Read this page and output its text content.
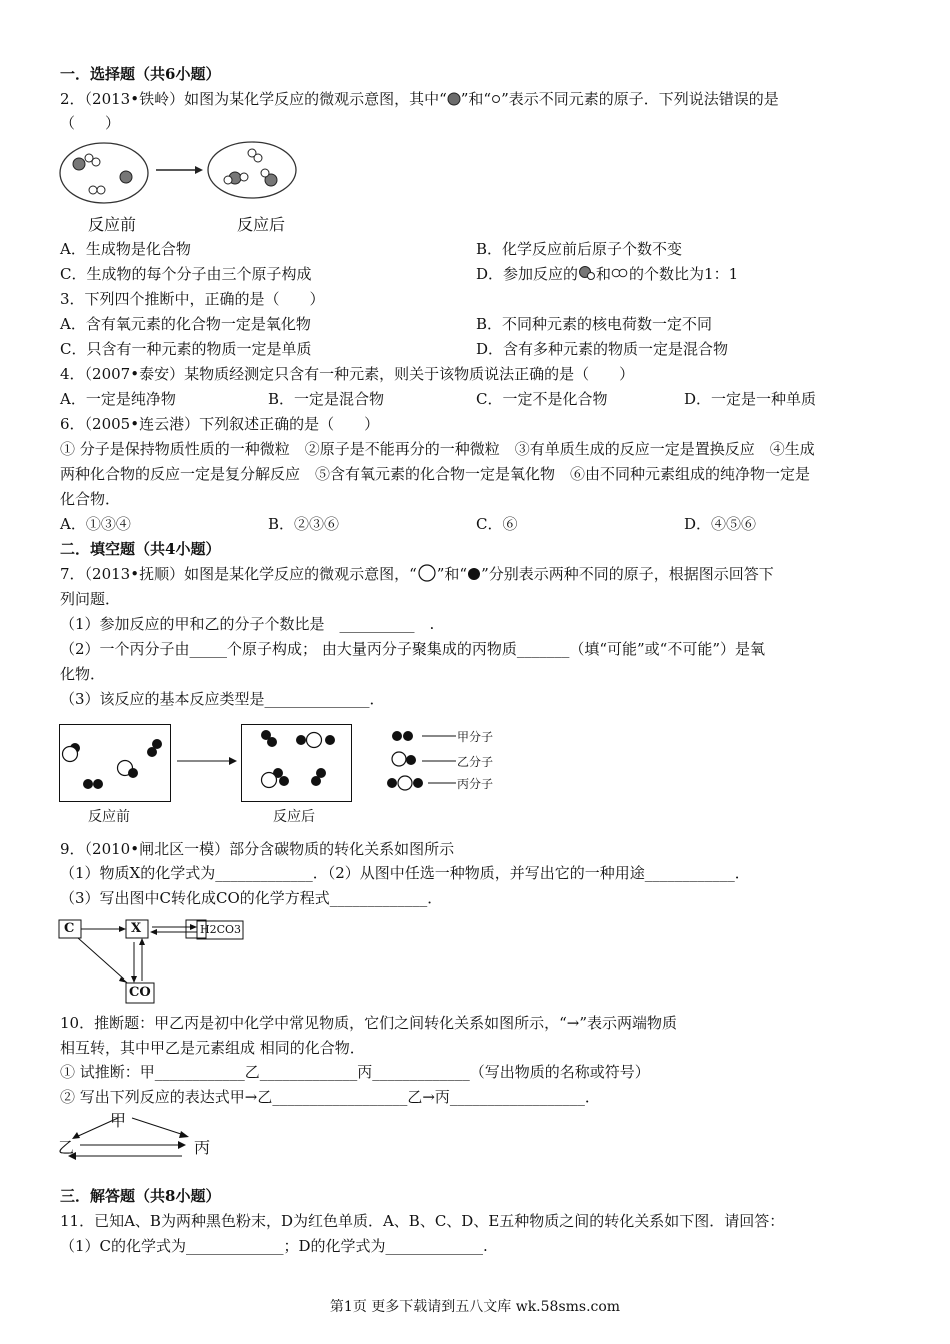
一．选择题（共6小题）
2．（2013•铁岭）如图为某化学反应的微观示意图，其中“ ”和“ ”表示不同元素的原子．下列说法错误的是
（　　）
反应前	反应后
A．生成物是化合物	B．化学反应前后原子个数不变
C．生成物的每个分子由三个原子构成	D．参加反应的 和 的个数比为1：1
3．下列四个推断中，正确的是（　　）
A．含有氧元素的化合物一定是氧化物	B．不同种元素的核电荷数一定不同
C．只含有一种元素的物质一定是单质	D．含有多种元素的物质一定是混合物
4．（2007•泰安）某物质经测定只含有一种元素，则关于该物质说法正确的是（　　）
A．一定是纯净物	B．一定是混合物	C．一定不是化合物	D．一定是一种单质
6．（2005•连云港）下列叙述正确的是（　　）
① 分子是保持物质性质的一种微粒　②原子是不能再分的一种微粒　③有单质生成的反应一定是置换反应　④生成
两种化合物的反应一定是复分解反应　⑤含有氧元素的化合物一定是氧化物　⑥由不同种元素组成的纯净物一定是
化合物．
A．①③④	B．②③⑥	C．⑥	D．④⑤⑥
二．填空题（共4小题）
7．（2013•抚顺）如图是某化学反应的微观示意图，“ ”和“ ”分别表示两种不同的原子，根据图示回答下
列问题．
（1）参加反应的甲和乙的分子个数比是　__________　.
（2）一个丙分子由_____个原子构成； 由大量丙分子聚集成的丙物质_______（填“可能”或“不可能”）是氧
化物．
（3）该反应的基本反应类型是______________．
甲分子
乙分子
丙分子
反应前	反应后
9．（2010•闸北区一模）部分含碳物质的转化关系如图所示
（1）物质X的化学式为_____________．（2）从图中任选一种物质，并写出它的一种用途____________．
（3）写出图中C转化成CO的化学方程式_____________．
C	X	H2CO3
CO
10．推断题：甲乙丙是初中化学中常见物质，它们之间转化关系如图所示，“→”表示两端物质
相互转，其中甲乙是元素组成 相同的化合物．
① 试推断：甲____________乙_____________丙_____________（写出物质的名称或符号）
② 写出下列反应的表达式甲→乙__________________乙→丙__________________．
甲
乙	丙
三．解答题（共8小题）
11．已知A、B为两种黑色粉末，D为红色单质．A、B、C、D、E五种物质之间的转化关系如下图．请回答：
（1）C的化学式为_____________；D的化学式为_____________.
第1页 更多下载请到五八文库 wk.58sms.com
